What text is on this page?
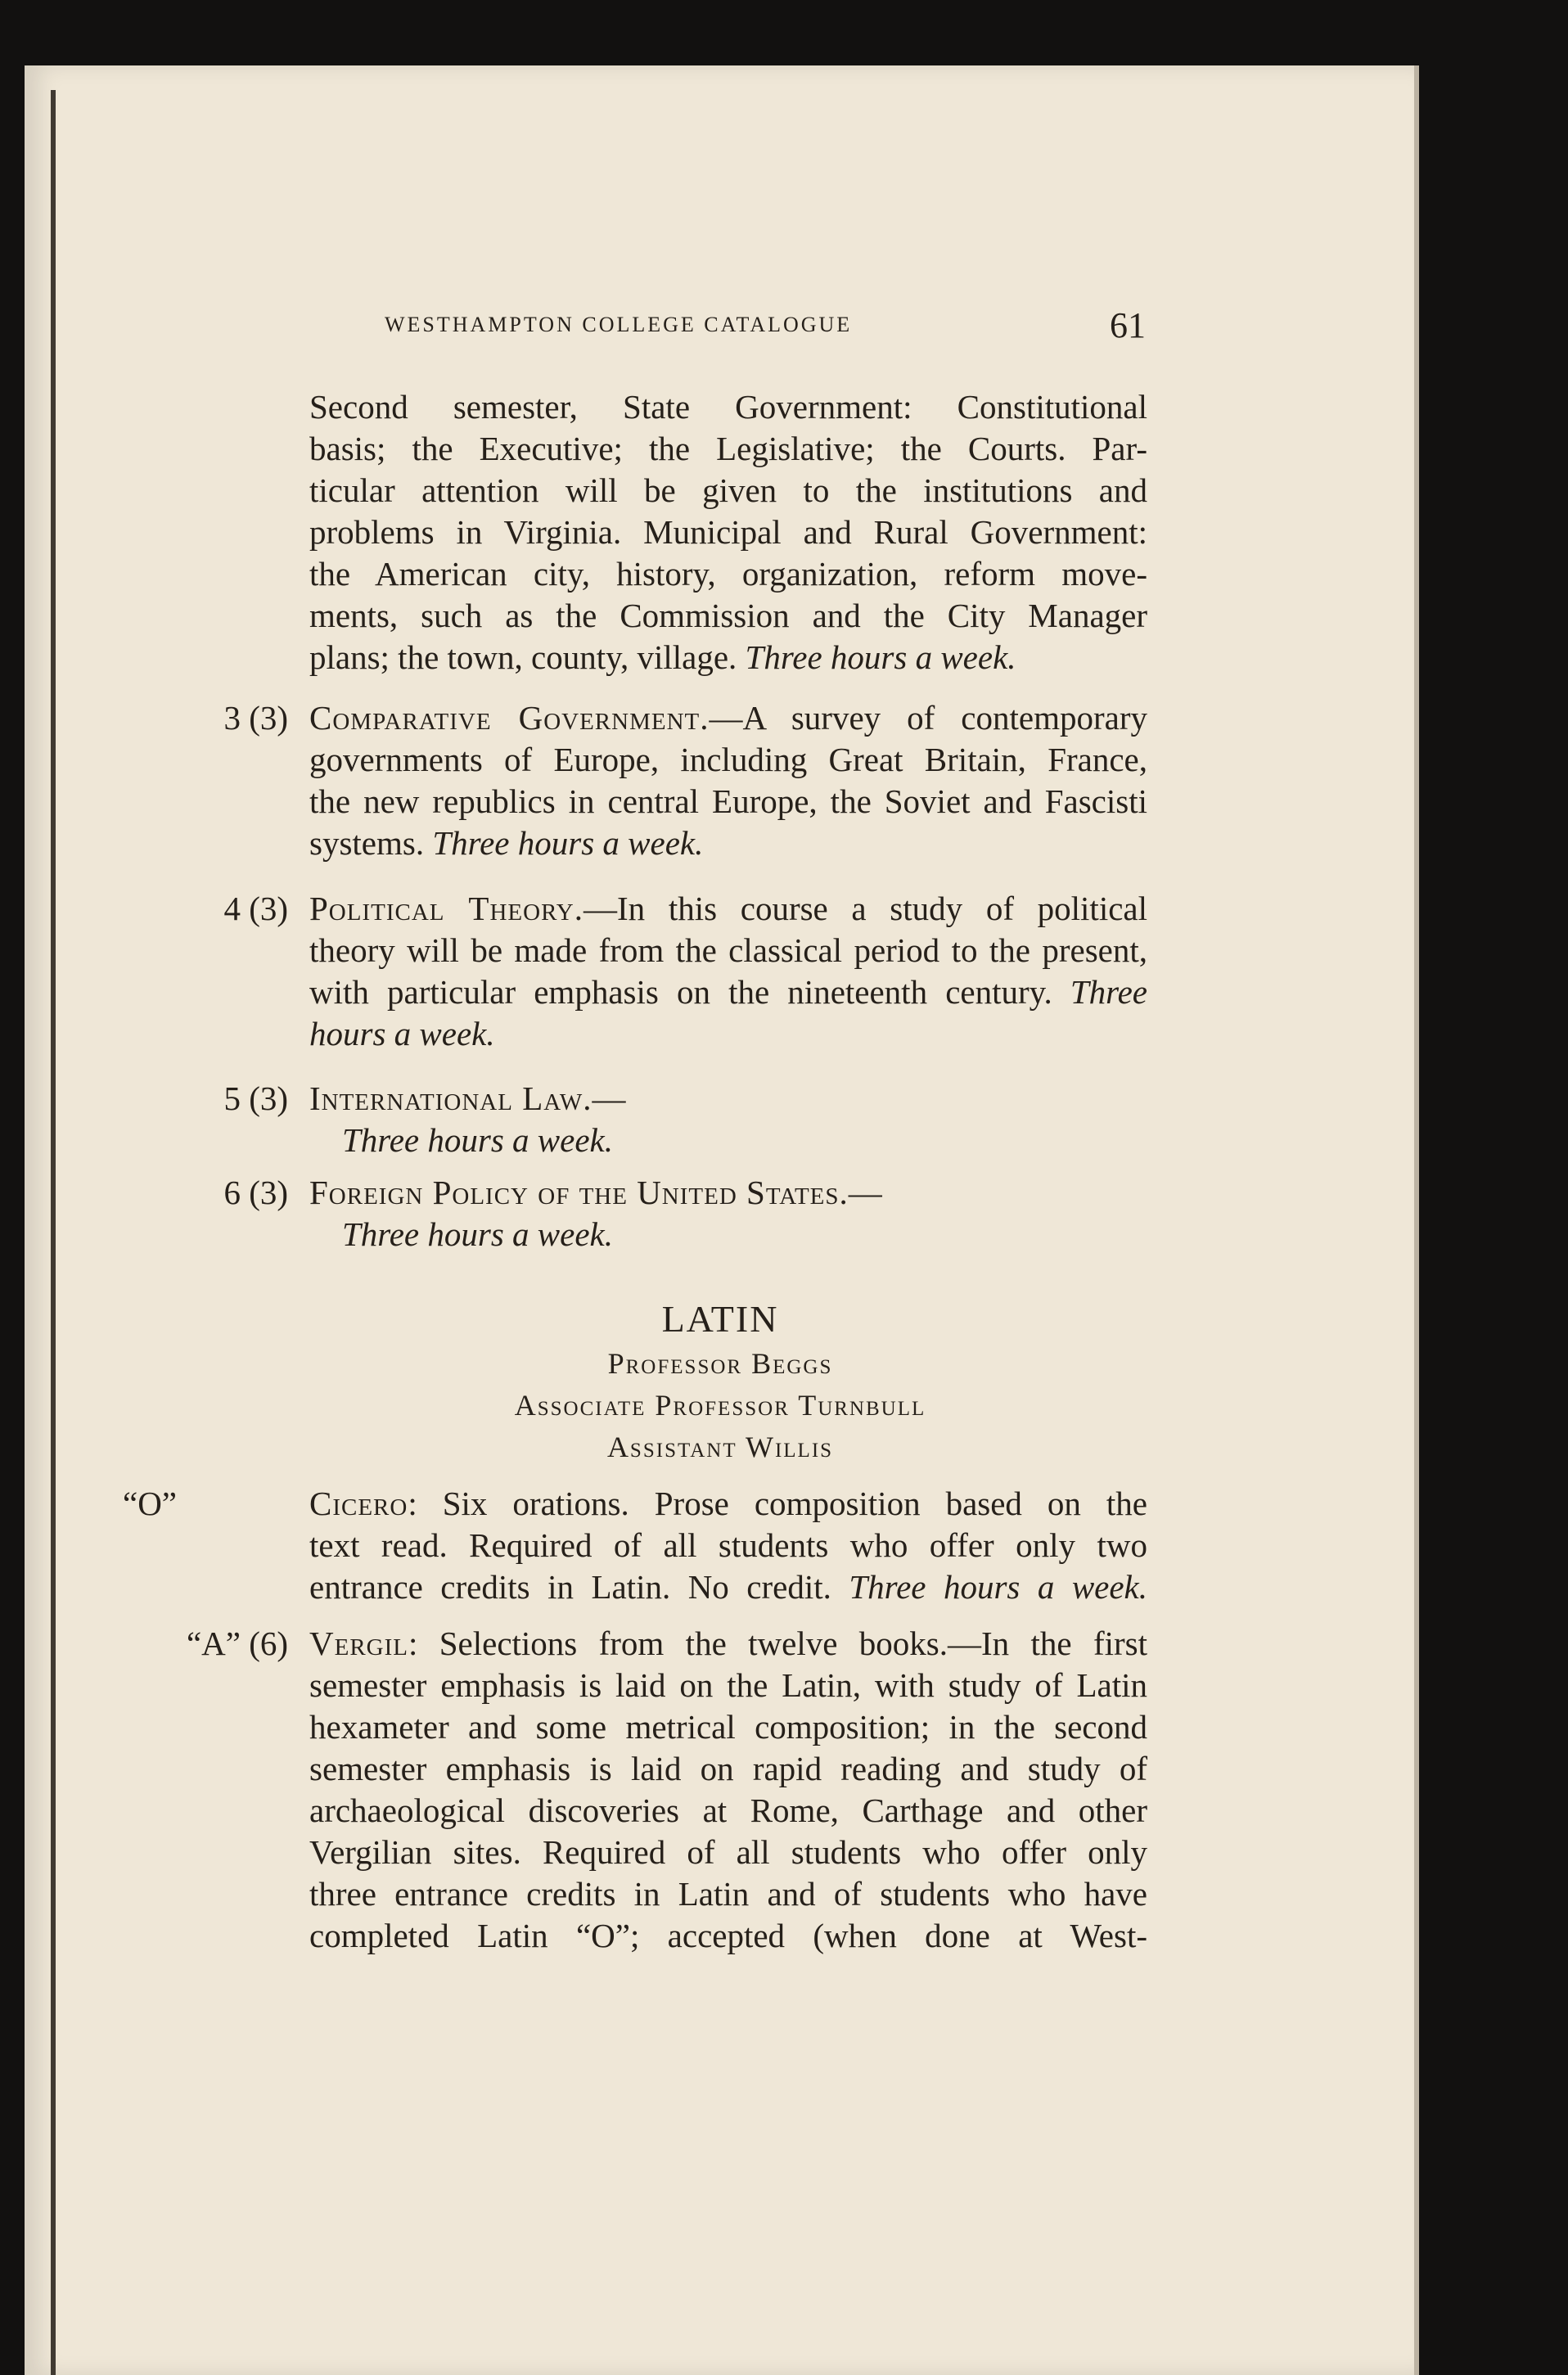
WESTHAMPTON COLLEGE CATALOGUE	61
Second semester, State Government: Constitutional
basis; the Executive; the Legislative; the Courts. Par-
ticular attention will be given to the institutions and
problems in Virginia. Municipal and Rural Government:
the American city, history, organization, reform move-
ments, such as the Commission and the City Manager
plans; the town, county, village. Three hours a week.
3 (3) Comparative Government.—A survey of contemporary
governments of Europe, including Great Britain, France,
the new republics in central Europe, the Soviet and Fascisti
systems. Three hours a week.
4 (3) Political Theory.—In this course a study of political
theory will be made from the classical period to the present,
with particular emphasis on the nineteenth century. Three
hours a week.
5 (3) International Law.—
Three hours a week.
6 (3) Foreign Policy of the United States.—
Three hours a week.
LATIN
Professor Beggs
Associate Professor Turnbull
Assistant Willis
“O”	Cicero: Six orations. Prose composition based on the
text read. Required of all students who offer only two
entrance credits in Latin. No credit. Three hours a week.
“A” (6) Vergil: Selections from the twelve books.—In the first
semester emphasis is laid on the Latin, with study of Latin
hexameter and some metrical composition; in the second
semester emphasis is laid on rapid reading and study of
archaeological discoveries at Rome, Carthage and other
Vergilian sites. Required of all students who offer only
three entrance credits in Latin and of students who have
completed Latin “O”; accepted (when done at West-
